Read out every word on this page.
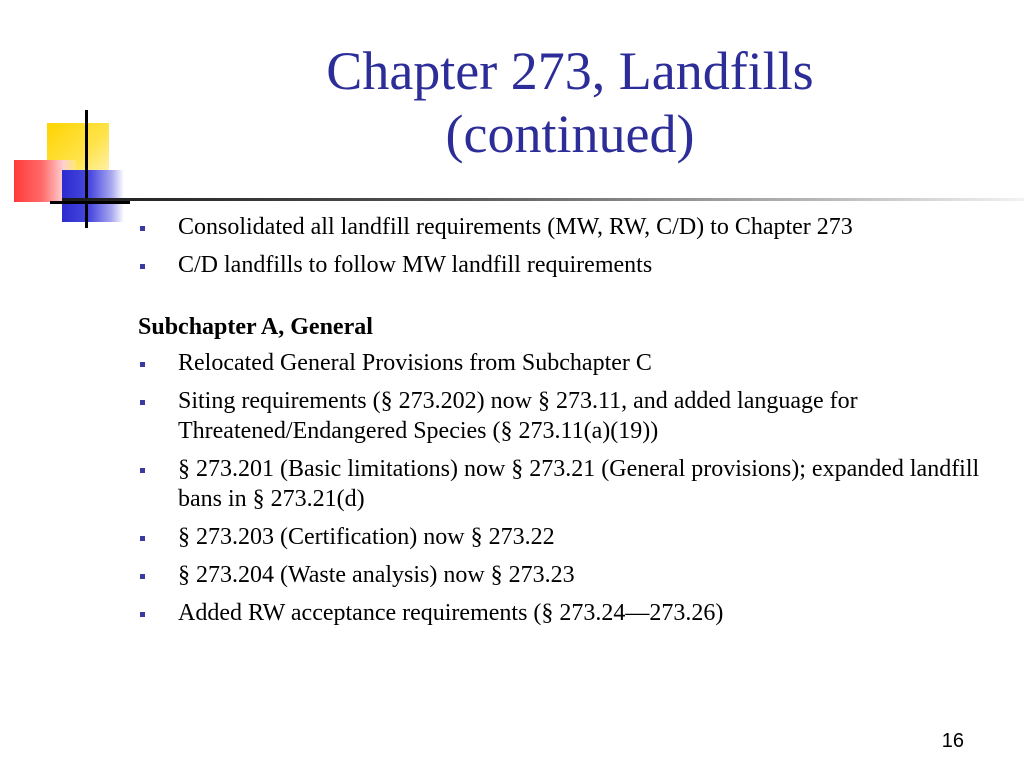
Chapter 273, Landfills
(continued)
Consolidated all landfill requirements (MW, RW, C/D) to Chapter 273
C/D landfills to follow MW landfill requirements
Subchapter A, General
Relocated General Provisions from Subchapter C
Siting requirements (§ 273.202) now § 273.11, and added language for Threatened/Endangered Species (§ 273.11(a)(19))
§ 273.201 (Basic limitations) now § 273.21 (General provisions); expanded landfill bans in § 273.21(d)
§ 273.203 (Certification) now § 273.22
§ 273.204 (Waste analysis) now § 273.23
Added RW acceptance requirements (§ 273.24—273.26)
16
